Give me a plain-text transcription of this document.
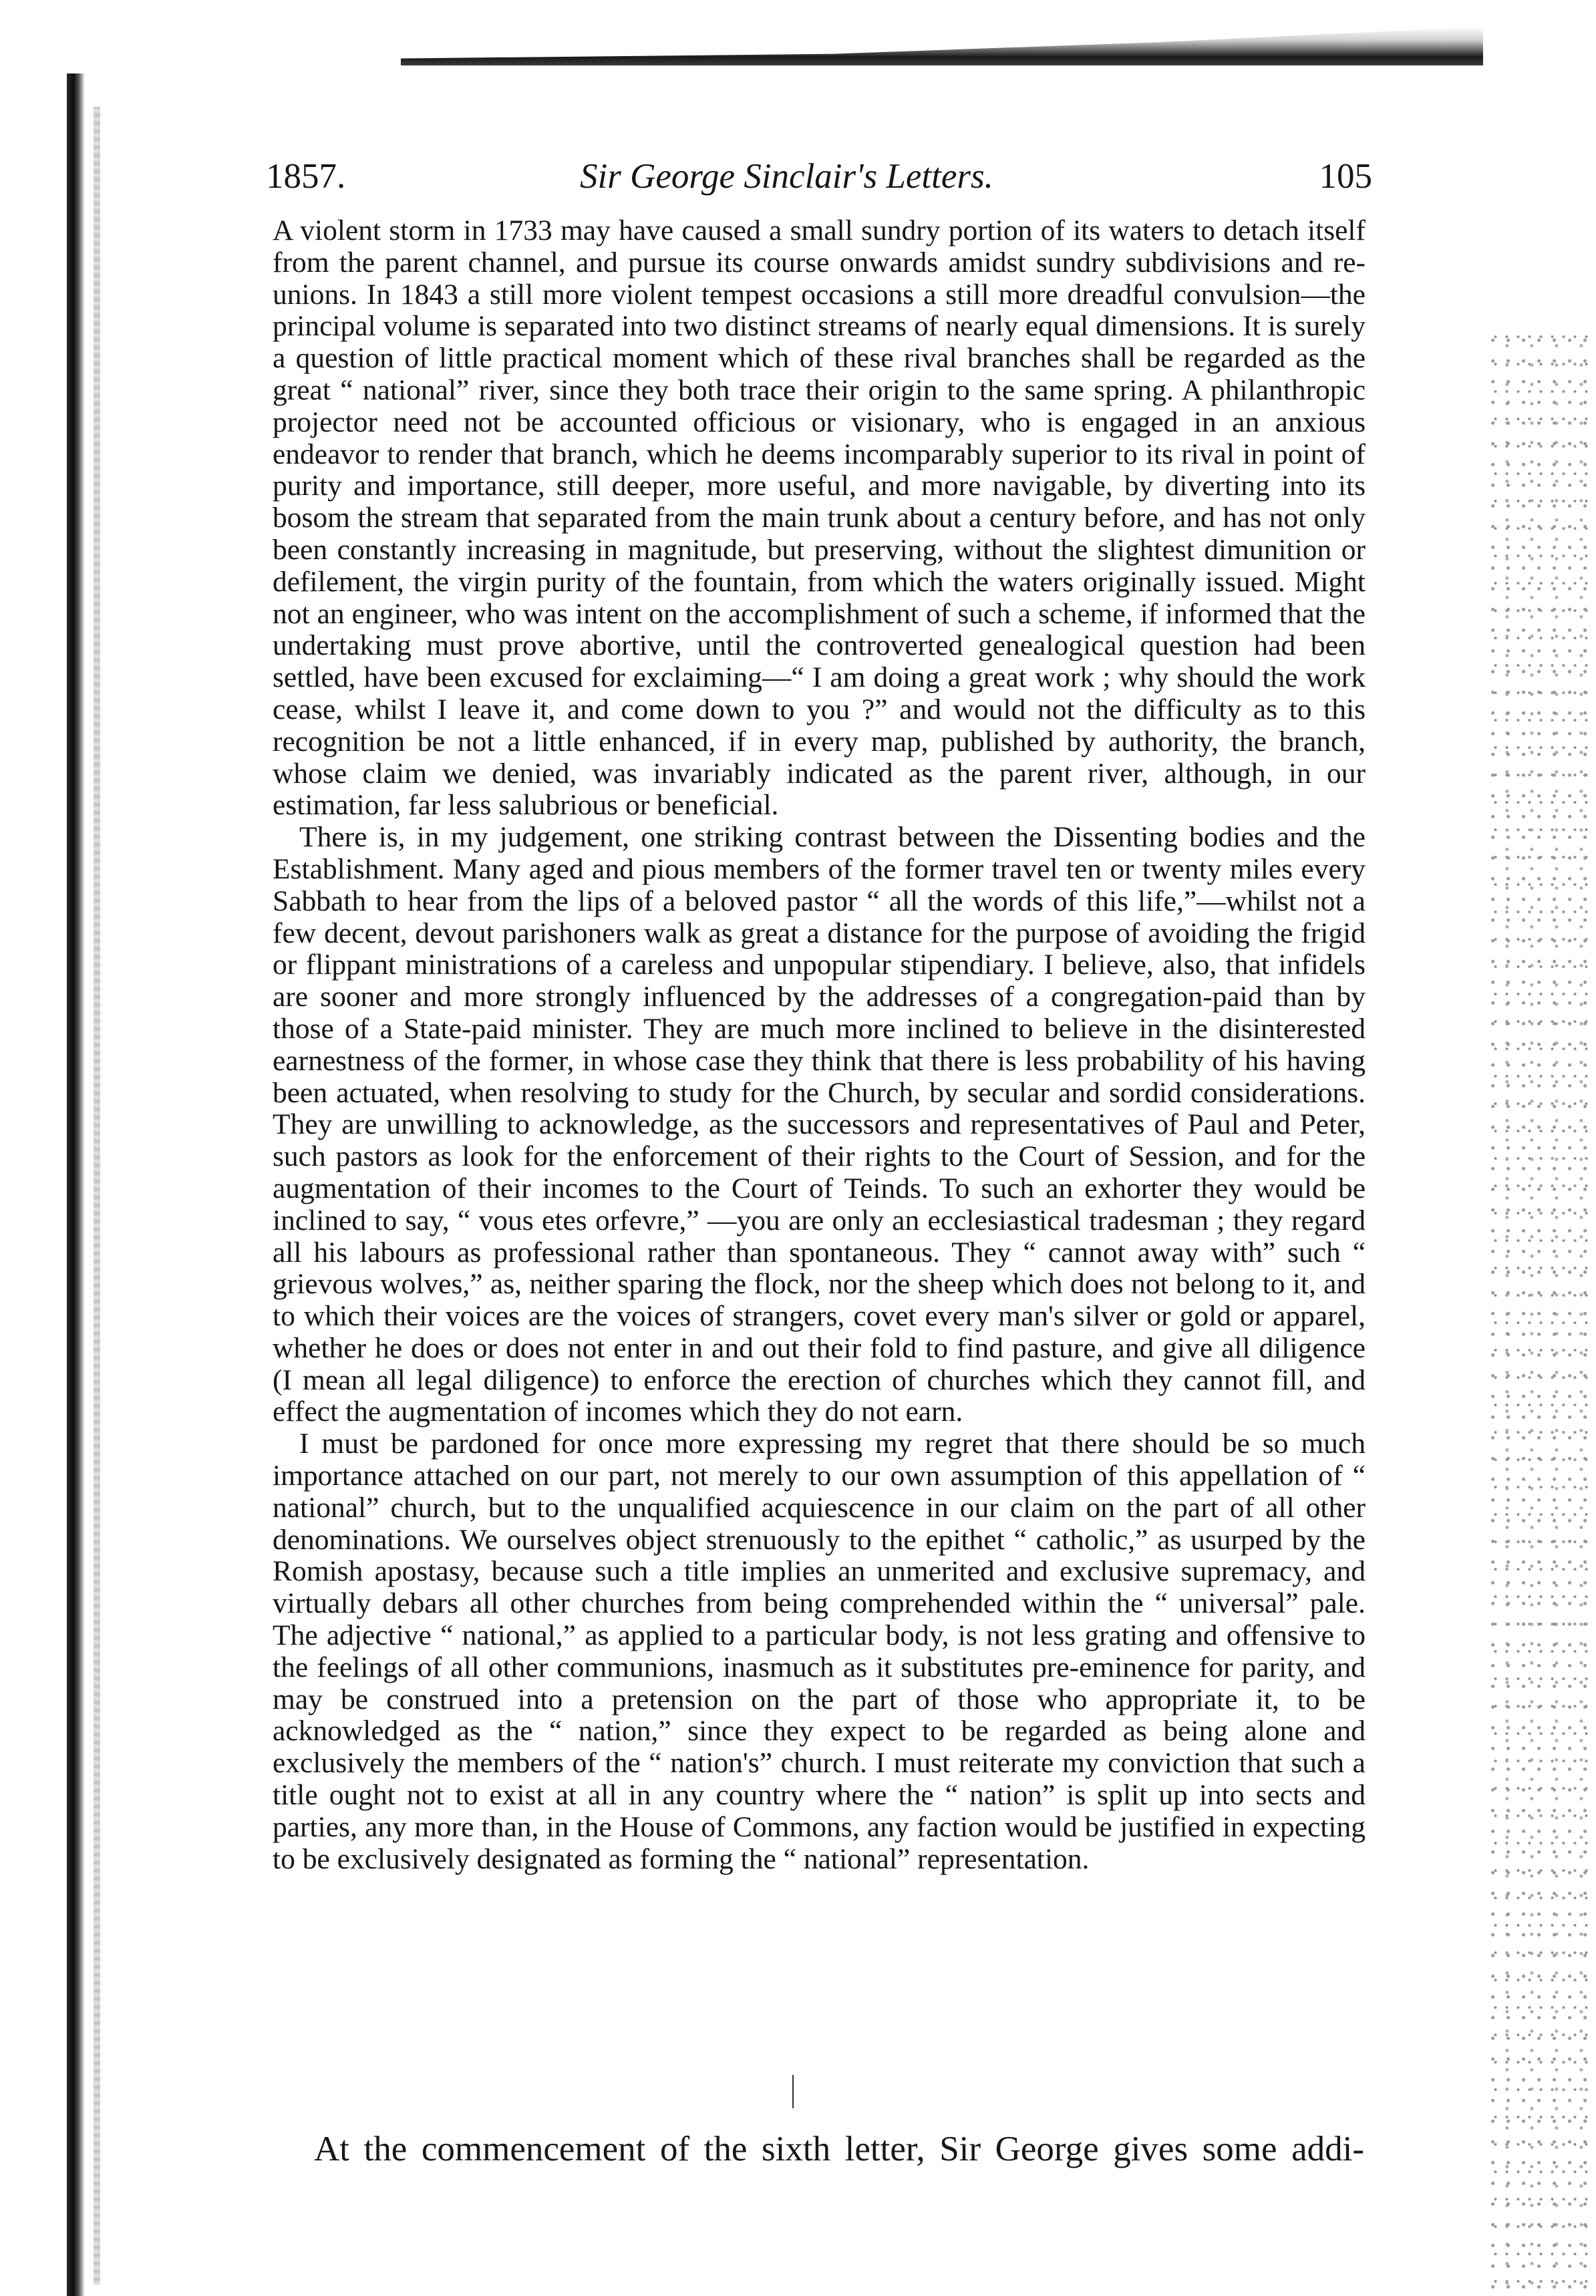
1857.	Sir George Sinclair's Letters.	105

A violent storm in 1733 may have caused a small sundry portion of its waters to detach itself from the parent channel, and pursue its course onwards amidst sundry subdivisions and re-unions. In 1843 a still more violent tempest occasions a still more dreadful convulsion—the principal volume is separated into two distinct streams of nearly equal dimensions. It is surely a question of little practical moment which of these rival branches shall be regarded as the great “ national” river, since they both trace their origin to the same spring. A philanthropic projector need not be accounted officious or visionary, who is engaged in an anxious endeavor to render that branch, which he deems incomparably superior to its rival in point of purity and importance, still deeper, more useful, and more navigable, by diverting into its bosom the stream that separated from the main trunk about a century before, and has not only been constantly increasing in magnitude, but preserving, without the slightest dimunition or defilement, the virgin purity of the fountain, from which the waters originally issued. Might not an engineer, who was intent on the accomplishment of such a scheme, if informed that the undertaking must prove abortive, until the controverted genealogical question had been settled, have been excused for exclaiming—“ I am doing a great work ; why should the work cease, whilst I leave it, and come down to you ?” and would not the difficulty as to this recognition be not a little enhanced, if in every map, published by authority, the branch, whose claim we denied, was invariably indicated as the parent river, although, in our estimation, far less salubrious or beneficial.

There is, in my judgement, one striking contrast between the Dissenting bodies and the Establishment. Many aged and pious members of the former travel ten or twenty miles every Sabbath to hear from the lips of a beloved pastor “ all the words of this life,”—whilst not a few decent, devout parishoners walk as great a distance for the purpose of avoiding the frigid or flippant ministrations of a careless and unpopular stipendiary. I believe, also, that infidels are sooner and more strongly influenced by the addresses of a congregation-paid than by those of a State-paid minister. They are much more inclined to believe in the disinterested earnestness of the former, in whose case they think that there is less probability of his having been actuated, when resolving to study for the Church, by secular and sordid considerations. They are unwilling to acknowledge, as the successors and representatives of Paul and Peter, such pastors as look for the enforcement of their rights to the Court of Session, and for the augmentation of their incomes to the Court of Teinds. To such an exhorter they would be inclined to say, “ vous etes orfevre,” —you are only an ecclesiastical tradesman ; they regard all his labours as professional rather than spontaneous. They “ cannot away with” such “ grievous wolves,” as, neither sparing the flock, nor the sheep which does not belong to it, and to which their voices are the voices of strangers, covet every man's silver or gold or apparel, whether he does or does not enter in and out their fold to find pasture, and give all diligence (I mean all legal diligence) to enforce the erection of churches which they cannot fill, and effect the augmentation of incomes which they do not earn.

I must be pardoned for once more expressing my regret that there should be so much importance attached on our part, not merely to our own assumption of this appellation of “ national” church, but to the unqualified acquiescence in our claim on the part of all other denominations. We ourselves object strenuously to the epithet “ catholic,” as usurped by the Romish apostasy, because such a title implies an unmerited and exclusive supremacy, and virtually debars all other churches from being comprehended within the “ universal” pale. The adjective “ national,” as applied to a particular body, is not less grating and offensive to the feelings of all other communions, inasmuch as it substitutes pre-eminence for parity, and may be construed into a pretension on the part of those who appropriate it, to be acknowledged as the “ nation,” since they expect to be regarded as being alone and exclusively the members of the “ nation's” church. I must reiterate my conviction that such a title ought not to exist at all in any country where the “ nation” is split up into sects and parties, any more than, in the House of Commons, any faction would be justified in expecting to be exclusively designated as forming the “ national” representation.

At the commencement of the sixth letter, Sir George gives some addi-
